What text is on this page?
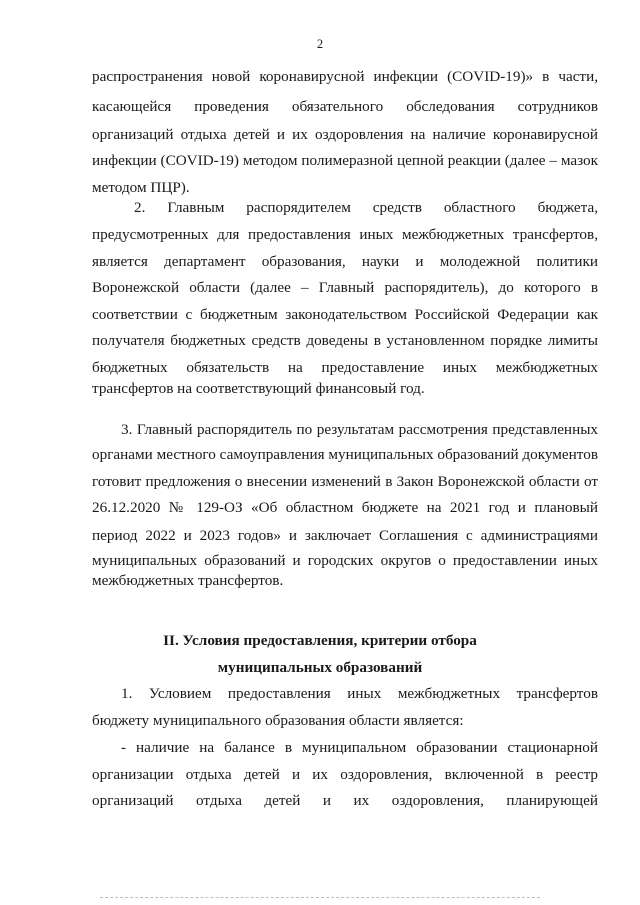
2
распространения новой коронавирусной инфекции (COVID-19)» в части,
касающейся проведения обязательного обследования сотрудников
организаций отдыха детей и их оздоровления на наличие коронавирусной
инфекции (COVID-19) методом полимеразной цепной реакции (далее – мазок
методом ПЦР).
2. Главным распорядителем средств областного бюджета,
предусмотренных для предоставления иных межбюджетных трансфертов,
является департамент образования, науки и молодежной политики
Воронежской области (далее – Главный распорядитель), до которого в
соответствии с бюджетным законодательством Российской Федерации как
получателя бюджетных средств доведены в установленном порядке лимиты
бюджетных обязательств на предоставление иных межбюджетных
трансфертов на соответствующий финансовый год.
3. Главный распорядитель по результатам рассмотрения представленных
органами местного самоуправления муниципальных образований документов
готовит предложения о внесении изменений в Закон Воронежской области от
26.12.2020 № 129-ОЗ «Об областном бюджете на 2021 год и плановый
период 2022 и 2023 годов» и заключает Соглашения с администрациями
муниципальных образований и городских округов о предоставлении иных
межбюджетных трансфертов.
II. Условия предоставления, критерии отбора
муниципальных образований
1. Условием предоставления иных межбюджетных трансфертов
бюджету муниципального образования области является:
- наличие на балансе в муниципальном образовании стационарной
организации отдыха детей и их оздоровления, включенной в реестр
организаций отдыха детей и их оздоровления, планирующей
